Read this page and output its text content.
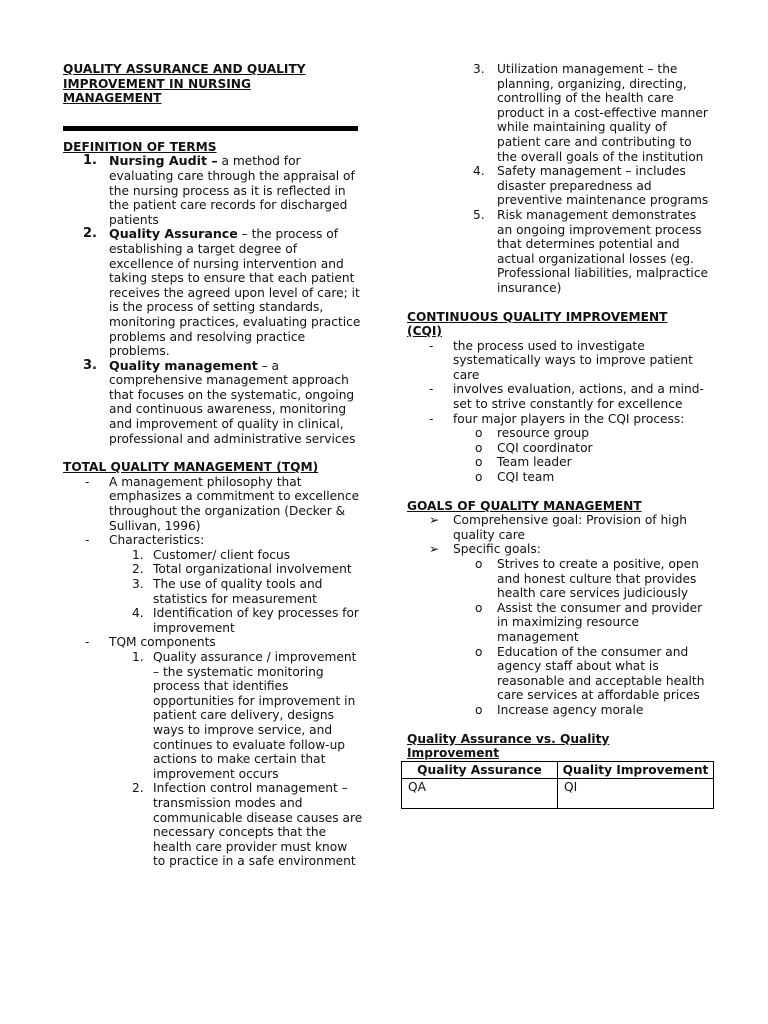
QUALITY ASSURANCE AND QUALITY IMPROVEMENT IN NURSING MANAGEMENT

DEFINITION OF TERMS

1. Nursing Audit – a method for evaluating care through the appraisal of the nursing process as it is reflected in the patient care records for discharged patients
2. Quality Assurance – the process of establishing a target degree of excellence of nursing intervention and taking steps to ensure that each patient receives the agreed upon level of care; it is the process of setting standards, monitoring practices, evaluating practice problems and resolving practice problems.
3. Quality management – a comprehensive management approach that focuses on the systematic, ongoing and continuous awareness, monitoring and improvement of quality in clinical, professional and administrative services

TOTAL QUALITY MANAGEMENT (TQM)

- A management philosophy that emphasizes a commitment to excellence throughout the organization (Decker & Sullivan, 1996)
- Characteristics:
1. Customer/ client focus
2. Total organizational involvement
3. The use of quality tools and statistics for measurement
4. Identification of key processes for improvement
- TQM components
1. Quality assurance / improvement – the systematic monitoring process that identifies opportunities for improvement in patient care delivery, designs ways to improve service, and continues to evaluate follow-up actions to make certain that improvement occurs
2. Infection control management – transmission modes and communicable disease causes are necessary concepts that the health care provider must know to practice in a safe environment
3. Utilization management – the planning, organizing, directing, controlling of the health care product in a cost-effective manner while maintaining quality of patient care and contributing to the overall goals of the institution
4. Safety management – includes disaster preparedness ad preventive maintenance programs
5. Risk management demonstrates an ongoing improvement process that determines potential and actual organizational losses (eg. Professional liabilities, malpractice insurance)

CONTINUOUS QUALITY IMPROVEMENT (CQI)

- the process used to investigate systematically ways to improve patient care
- involves evaluation, actions, and a mind-set to strive constantly for excellence
- four major players in the CQI process:
o resource group
o CQI coordinator
o Team leader
o CQI team

GOALS OF QUALITY MANAGEMENT

➢ Comprehensive goal: Provision of high quality care
➢ Specific goals:
o Strives to create a positive, open and honest culture that provides health care services judiciously
o Assist the consumer and provider in maximizing resource management
o Education of the consumer and agency staff about what is reasonable and acceptable health care services at affordable prices
o Increase agency morale

Quality Assurance vs. Quality Improvement

Quality Assurance	Quality Improvement
QA	QI
